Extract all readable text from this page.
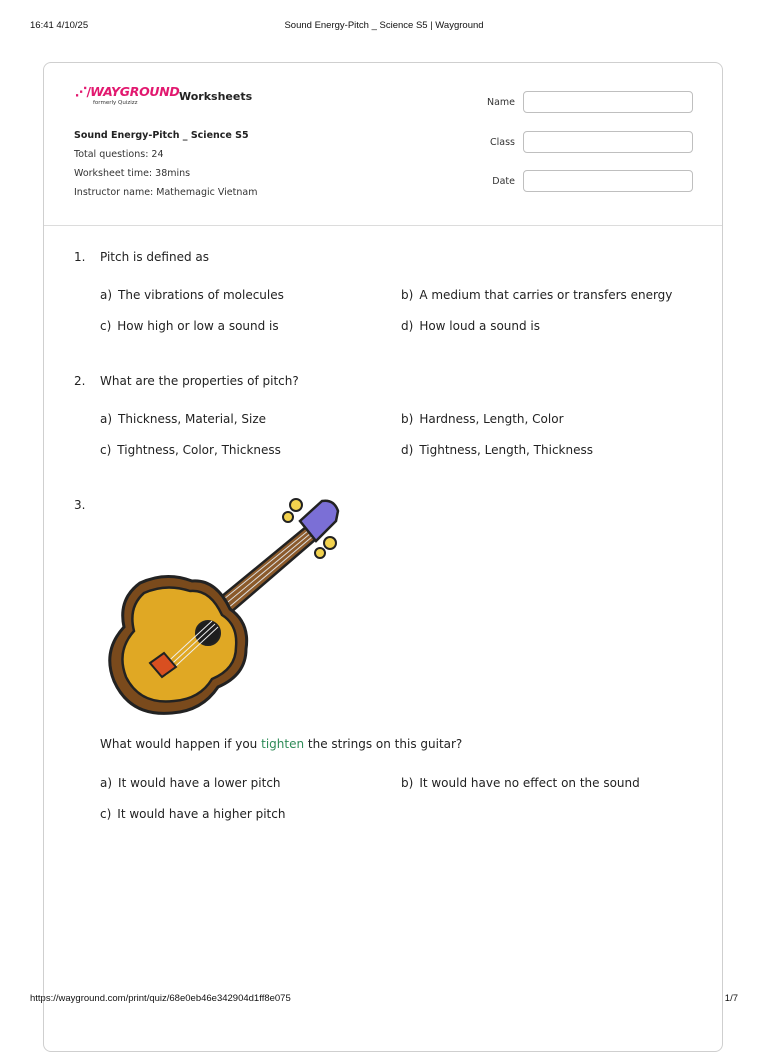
16:41 4/10/25	Sound Energy-Pitch _ Science S5 | Wayground
⋰/WAYGROUND
formerly Quizizz	Worksheets
Sound Energy-Pitch _ Science S5
Total questions: 24
Worksheet time: 38mins
Instructor name: Mathemagic Vietnam
Name
Class
Date
1. Pitch is defined as
a) The vibrations of molecules	b) A medium that carries or transfers energy
c) How high or low a sound is	d) How loud a sound is
2. What are the properties of pitch?
a) Thickness, Material, Size	b) Hardness, Length, Color
c) Tightness, Color, Thickness	d) Tightness, Length, Thickness
3.
What would happen if you tighten the strings on this guitar?
a) It would have a lower pitch	b) It would have no effect on the sound
c) It would have a higher pitch
https://wayground.com/print/quiz/68e0eb46e342904d1ff8e075	1/7
